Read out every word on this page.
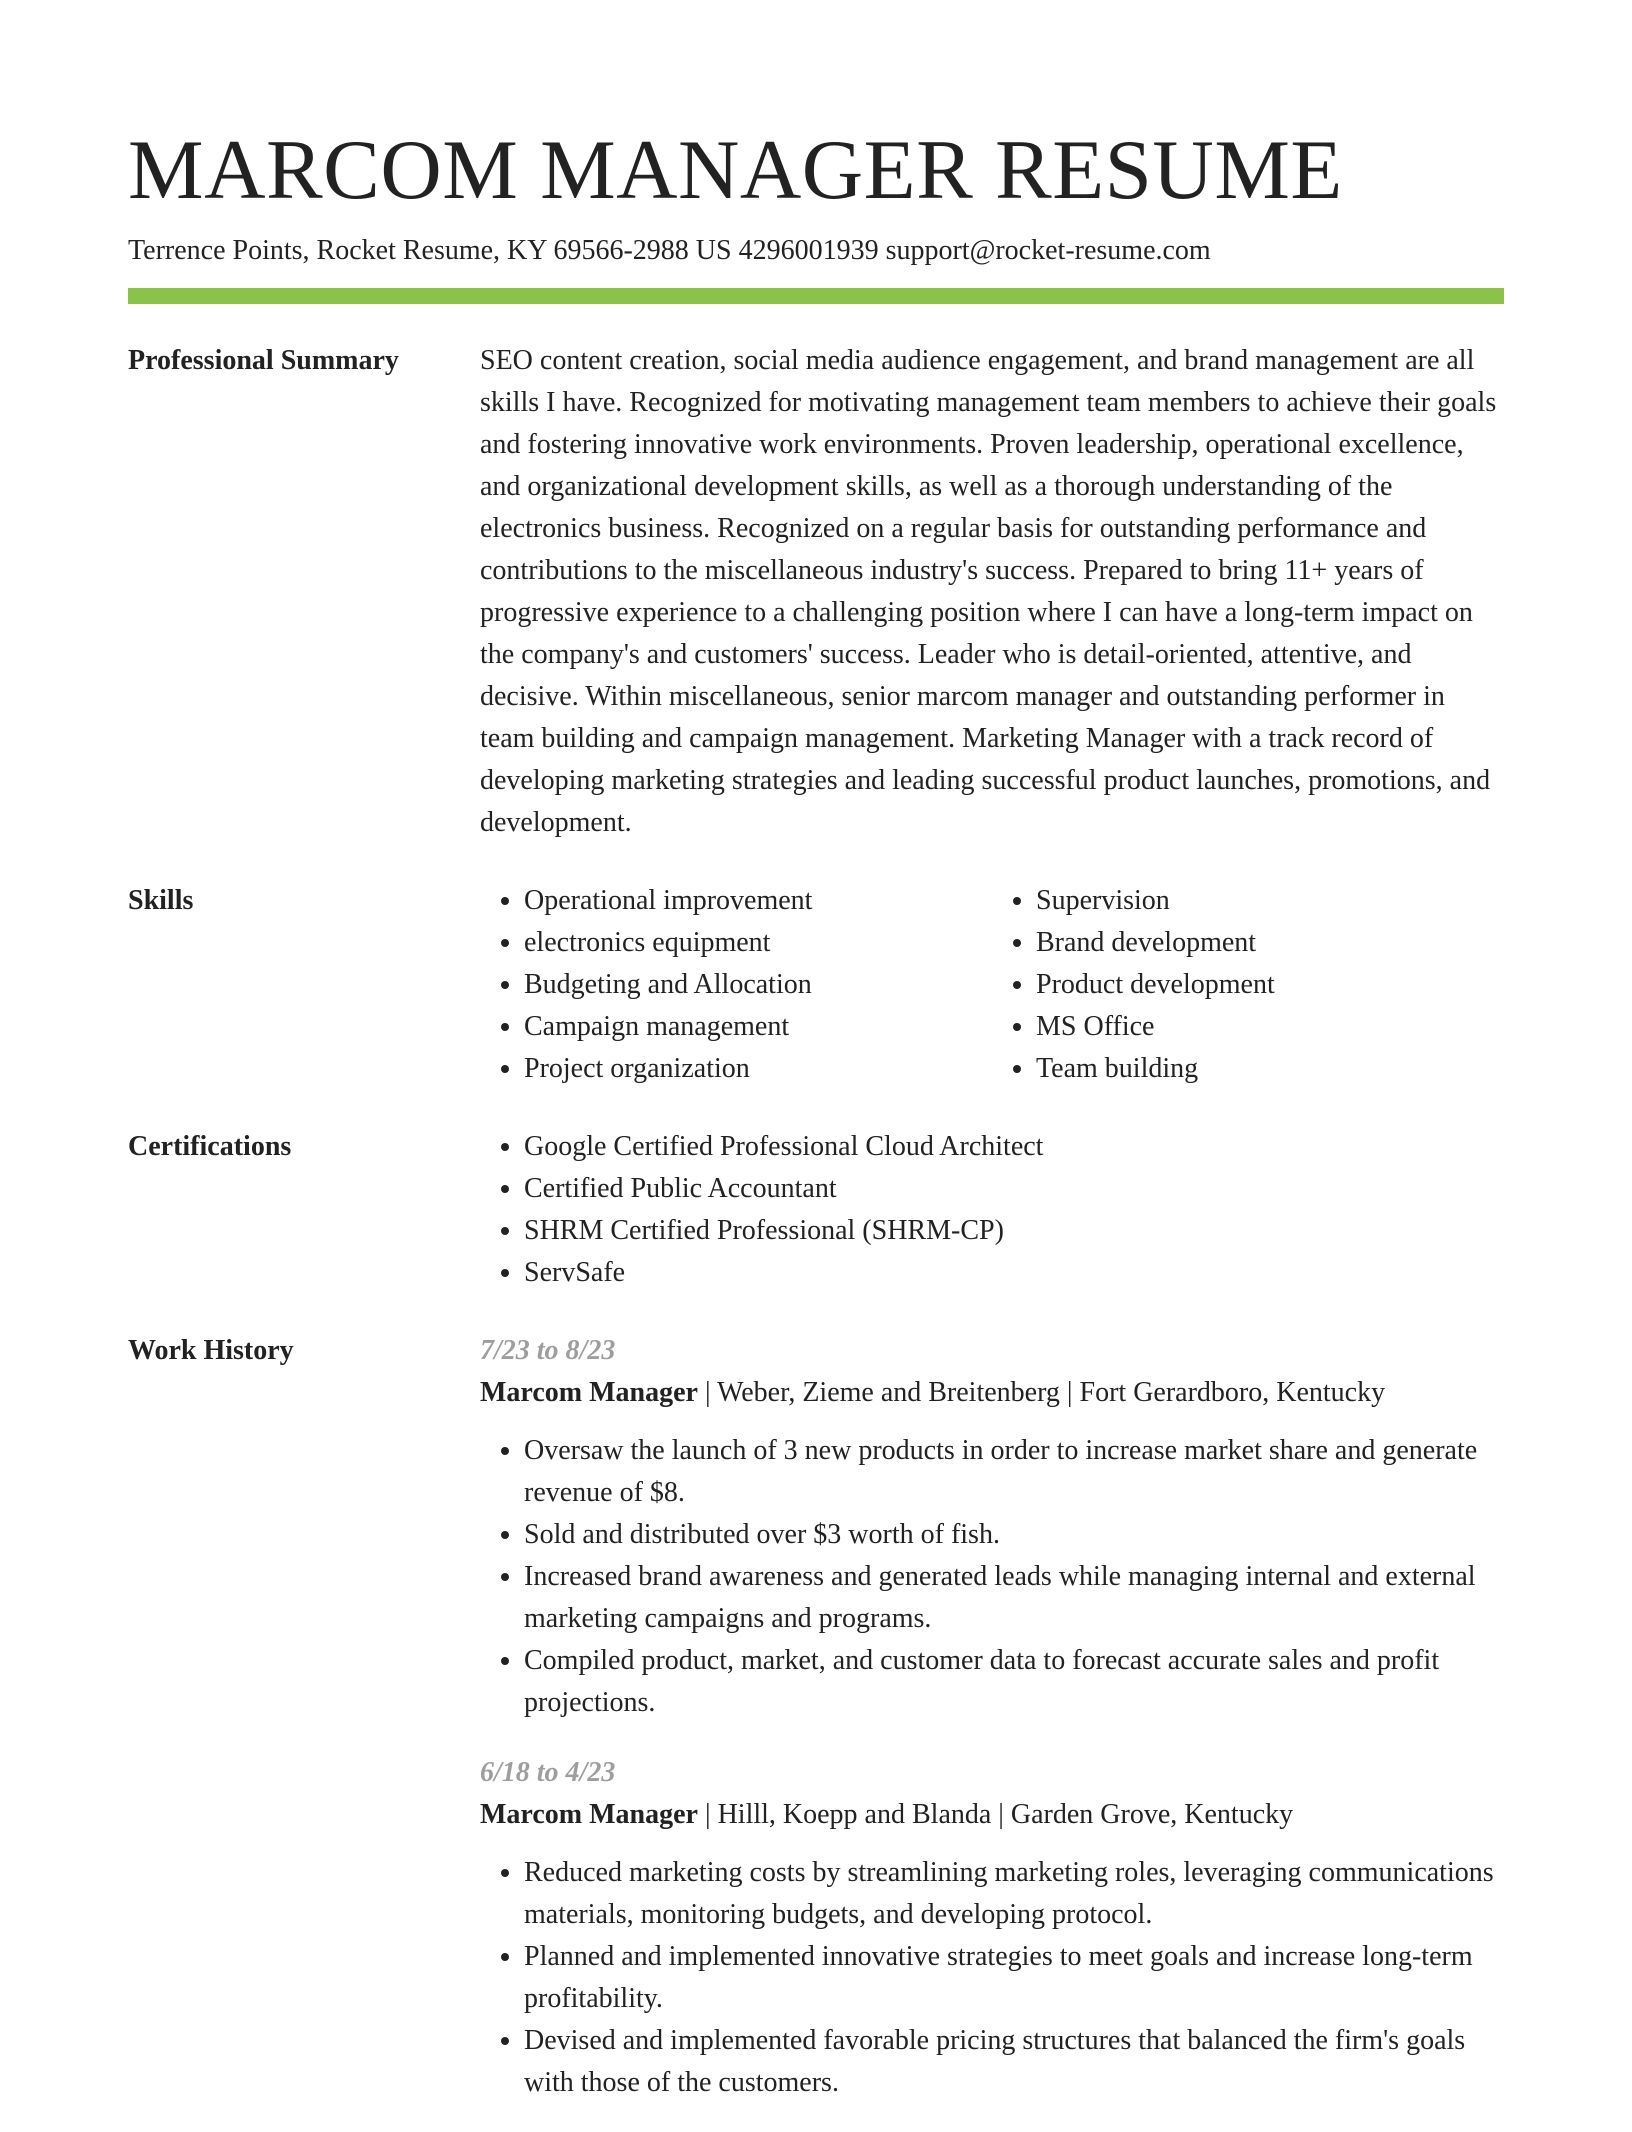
MARCOM MANAGER RESUME
Terrence Points, Rocket Resume, KY 69566-2988 US 4296001939 support@rocket-resume.com
Professional Summary	SEO content creation, social media audience engagement, and brand management are all skills I have. Recognized for motivating management team members to achieve their goals and fostering innovative work environments. Proven leadership, operational excellence, and organizational development skills, as well as a thorough understanding of the electronics business. Recognized on a regular basis for outstanding performance and contributions to the miscellaneous industry's success. Prepared to bring 11+ years of progressive experience to a challenging position where I can have a long-term impact on the company's and customers' success. Leader who is detail-oriented, attentive, and decisive. Within miscellaneous, senior marcom manager and outstanding performer in team building and campaign management. Marketing Manager with a track record of developing marketing strategies and leading successful product launches, promotions, and development.

Skills	• Operational improvement
• electronics equipment
• Budgeting and Allocation
• Campaign management
• Project organization
• Supervision
• Brand development
• Product development
• MS Office
• Team building
Certifications	• Google Certified Professional Cloud Architect
• Certified Public Accountant
• SHRM Certified Professional (SHRM-CP)
• ServSafe
Work History	7/23 to 8/23
Marcom Manager | Weber, Zieme and Breitenberg | Fort Gerardboro, Kentucky
• Oversaw the launch of 3 new products in order to increase market share and generate revenue of $8.
• Sold and distributed over $3 worth of fish.
• Increased brand awareness and generated leads while managing internal and external marketing campaigns and programs.
• Compiled product, market, and customer data to forecast accurate sales and profit projections.
6/18 to 4/23
Marcom Manager | Hilll, Koepp and Blanda | Garden Grove, Kentucky
• Reduced marketing costs by streamlining marketing roles, leveraging communications materials, monitoring budgets, and developing protocol.
• Planned and implemented innovative strategies to meet goals and increase long-term profitability.
• Devised and implemented favorable pricing structures that balanced the firm's goals with those of the customers.
